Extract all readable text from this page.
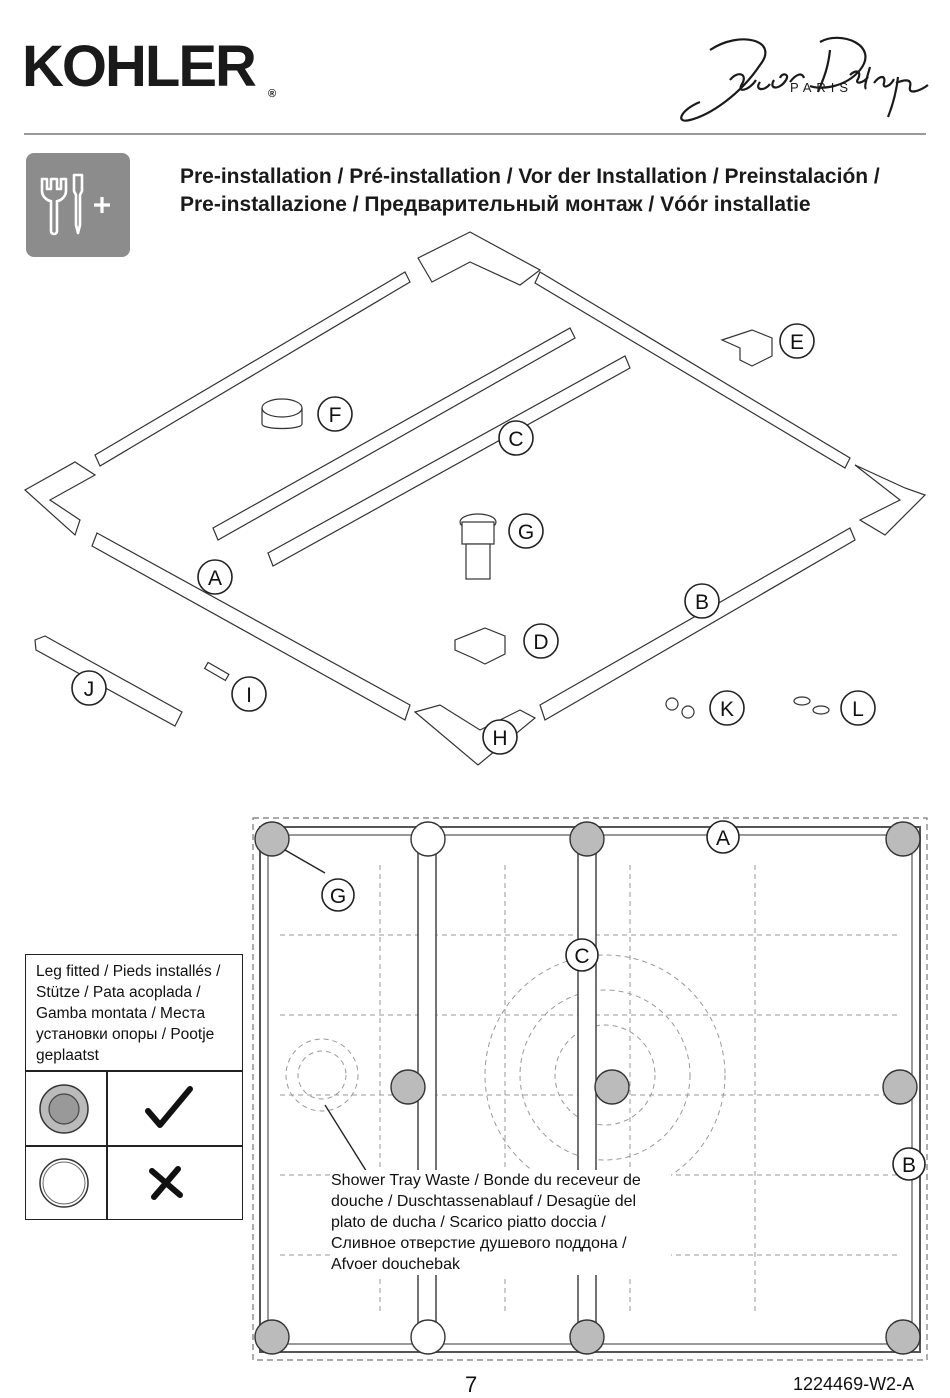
KOHLER ®	PARIS
Pre-installation / Pré-installation / Vor der Installation / Preinstalación /
Pre-installazione / Предварительный монтаж / Vóór installatie
E
F
C
G
A
B
D
J	I
K	L
H
A
G
C
B
Shower Tray Waste / Bonde du receveur de douche / Duschtassenablauf / Desagüe del plato de ducha / Scarico piatto doccia / Сливное отверстие душевого поддона / Afvoer douchebak
Leg fitted / Pieds installés / Stütze / Pata acoplada / Gamba montata / Места установки опоры / Pootje geplaatst
7	1224469-W2-A
